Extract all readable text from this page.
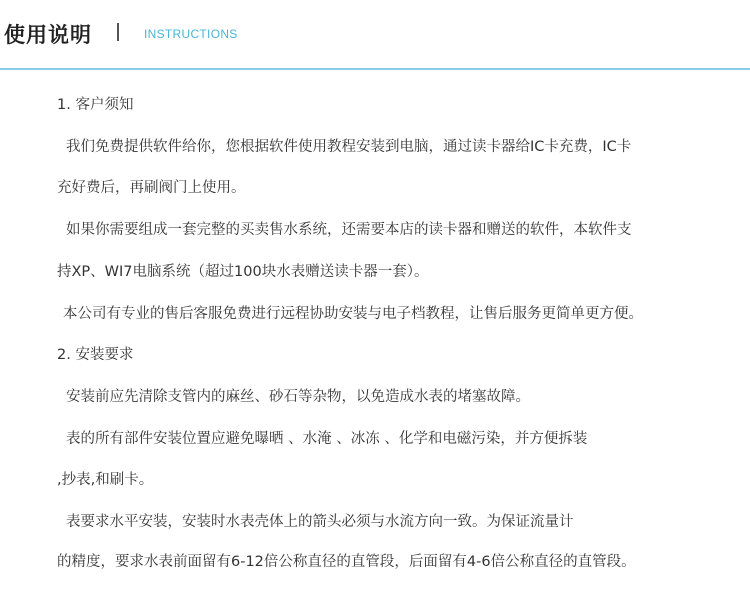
使用说明	INSTRUCTIONS
1. 客户须知
我们免费提供软件给你，您根据软件使用教程安装到电脑，通过读卡器给IC卡充费，IC卡
充好费后，再刷阀门上使用。
如果你需要组成一套完整的买卖售水系统，还需要本店的读卡器和赠送的软件，本软件支
持XP、WI7电脑系统（超过100块水表赠送读卡器一套）。
本公司有专业的售后客服免费进行远程协助安装与电子档教程，让售后服务更简单更方便。
2. 安装要求
安装前应先清除支管内的麻丝、砂石等杂物，以免造成水表的堵塞故障。
表的所有部件安装位置应避免曝晒 、水淹 、冰冻 、化学和电磁污染，并方便拆装
,抄表,和刷卡。
表要求水平安装，安装时水表壳体上的箭头必须与水流方向一致。为保证流量计
的精度，要求水表前面留有6-12倍公称直径的直管段，后面留有4-6倍公称直径的直管段。
